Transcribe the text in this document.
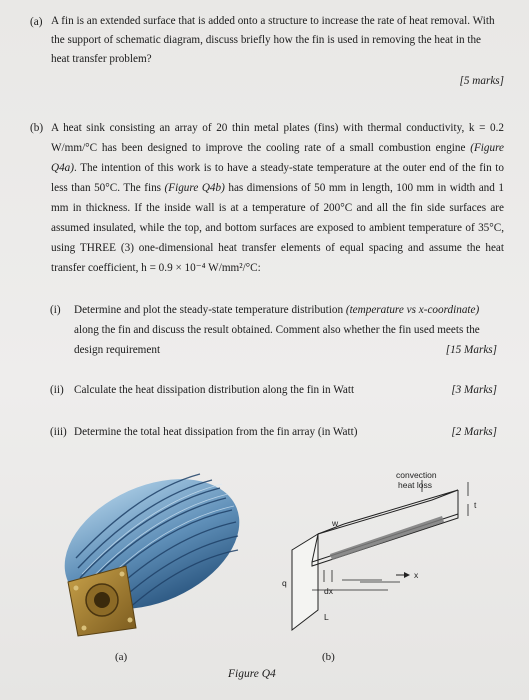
(a) A fin is an extended surface that is added onto a structure to increase the rate of heat removal. With the support of schematic diagram, discuss briefly how the fin is used in removing the heat in the heat transfer problem?
[5 marks]
(b) A heat sink consisting an array of 20 thin metal plates (fins) with thermal conductivity, k = 0.2 W/mm/°C has been designed to improve the cooling rate of a small combustion engine (Figure Q4a). The intention of this work is to have a steady-state temperature at the outer end of the fin to less than 50°C. The fins (Figure Q4b) has dimensions of 50 mm in length, 100 mm in width and 1 mm in thickness. If the inside wall is at a temperature of 200°C and all the fin side surfaces are assumed insulated, while the top, and bottom surfaces are exposed to ambient temperature of 35°C, using THREE (3) one-dimensional heat transfer elements of equal spacing and assume the heat transfer coefficient, h = 0.9 × 10⁻⁴ W/mm²/°C:
(i) Determine and plot the steady-state temperature distribution (temperature vs x-coordinate) along the fin and discuss the result obtained. Comment also whether the fin used meets the design requirement	[15 Marks]
(ii) Calculate the heat dissipation distribution along the fin in Watt	[3 Marks]
(iii) Determine the total heat dissipation from the fin array (in Watt)	[2 Marks]
convection
heat loss
t
w
q
dx
x
L
(a)	(b)
Figure Q4
